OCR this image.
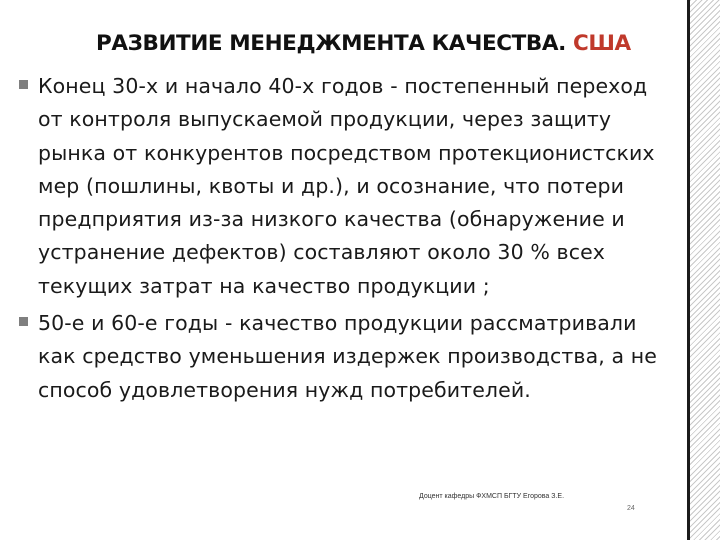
РАЗВИТИЕ МЕНЕДЖМЕНТА КАЧЕСТВА. США
Конец 30-х и начало 40-х годов - постепенный переход от контроля выпускаемой продукции, через защиту рынка от конкурентов посредством протекционистских мер (пошлины, квоты и др.), и осознание, что потери предприятия из-за низкого качества (обнаружение и устранение дефектов) составляют около 30 % всех текущих затрат на качество продукции ;
50-е и 60-е годы - качество продукции рассматривали как средство уменьшения издержек производства, а не способ удовлетворения нужд потребителей.
Доцент кафедры ФХМСП БГТУ Егорова З.Е.
24
